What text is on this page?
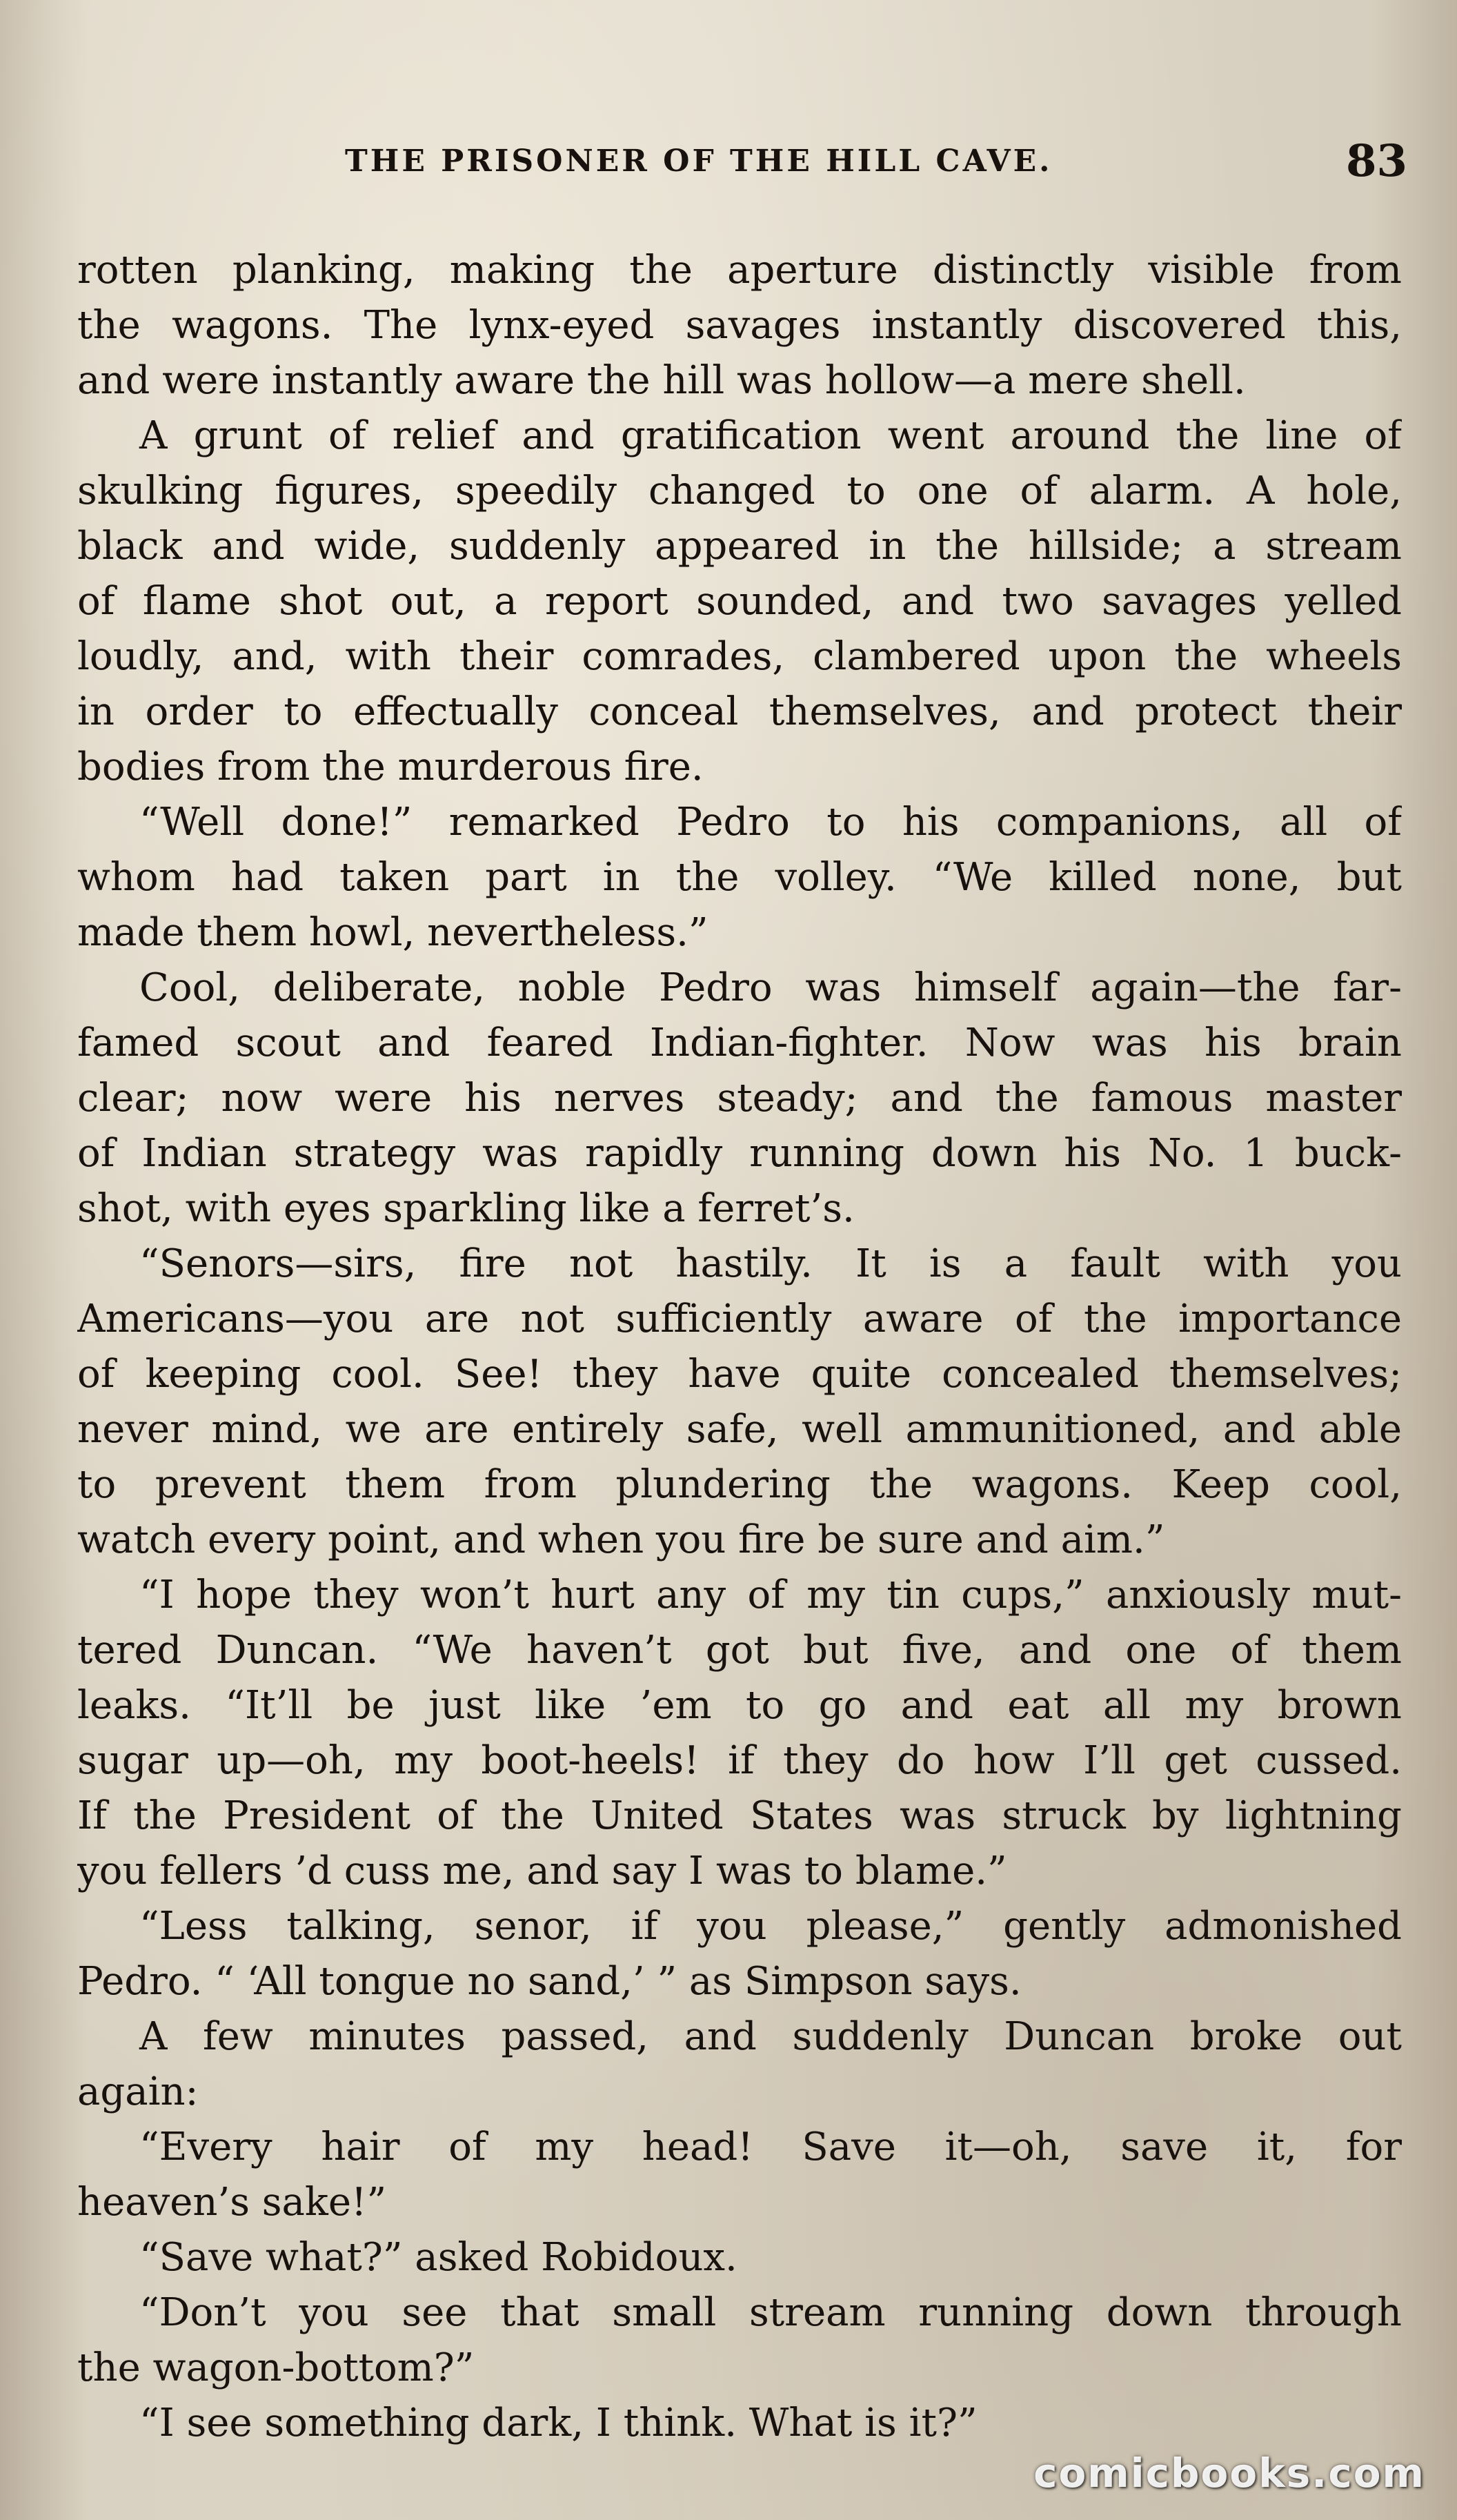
THE PRISONER OF THE HILL CAVE.	83
rotten planking, making the aperture distinctly visible from
the wagons. The lynx-eyed savages instantly discovered this,
and were instantly aware the hill was hollow—a mere shell.
A grunt of relief and gratification went around the line of
skulking figures, speedily changed to one of alarm. A hole,
black and wide, suddenly appeared in the hillside; a stream
of flame shot out, a report sounded, and two savages yelled
loudly, and, with their comrades, clambered upon the wheels
in order to effectually conceal themselves, and protect their
bodies from the murderous fire.
“Well done!” remarked Pedro to his companions, all of
whom had taken part in the volley. “We killed none, but
made them howl, nevertheless.”
Cool, deliberate, noble Pedro was himself again—the far-
famed scout and feared Indian-fighter. Now was his brain
clear; now were his nerves steady; and the famous master
of Indian strategy was rapidly running down his No. 1 buck-
shot, with eyes sparkling like a ferret’s.
“Senors—sirs, fire not hastily. It is a fault with you
Americans—you are not sufficiently aware of the importance
of keeping cool. See! they have quite concealed themselves;
never mind, we are entirely safe, well ammunitioned, and able
to prevent them from plundering the wagons. Keep cool,
watch every point, and when you fire be sure and aim.”
“I hope they won’t hurt any of my tin cups,” anxiously mut-
tered Duncan. “We haven’t got but five, and one of them
leaks. “It’ll be just like ’em to go and eat all my brown
sugar up—oh, my boot-heels! if they do how I’ll get cussed.
If the President of the United States was struck by lightning
you fellers ’d cuss me, and say I was to blame.”
“Less talking, senor, if you please,” gently admonished
Pedro. “ ‘All tongue no sand,’ ” as Simpson says.
A few minutes passed, and suddenly Duncan broke out
again:
“Every hair of my head! Save it—oh, save it, for
heaven’s sake!”
“Save what?” asked Robidoux.
“Don’t you see that small stream running down through
the wagon-bottom?”
“I see something dark, I think. What is it?”
comicbooks.com
